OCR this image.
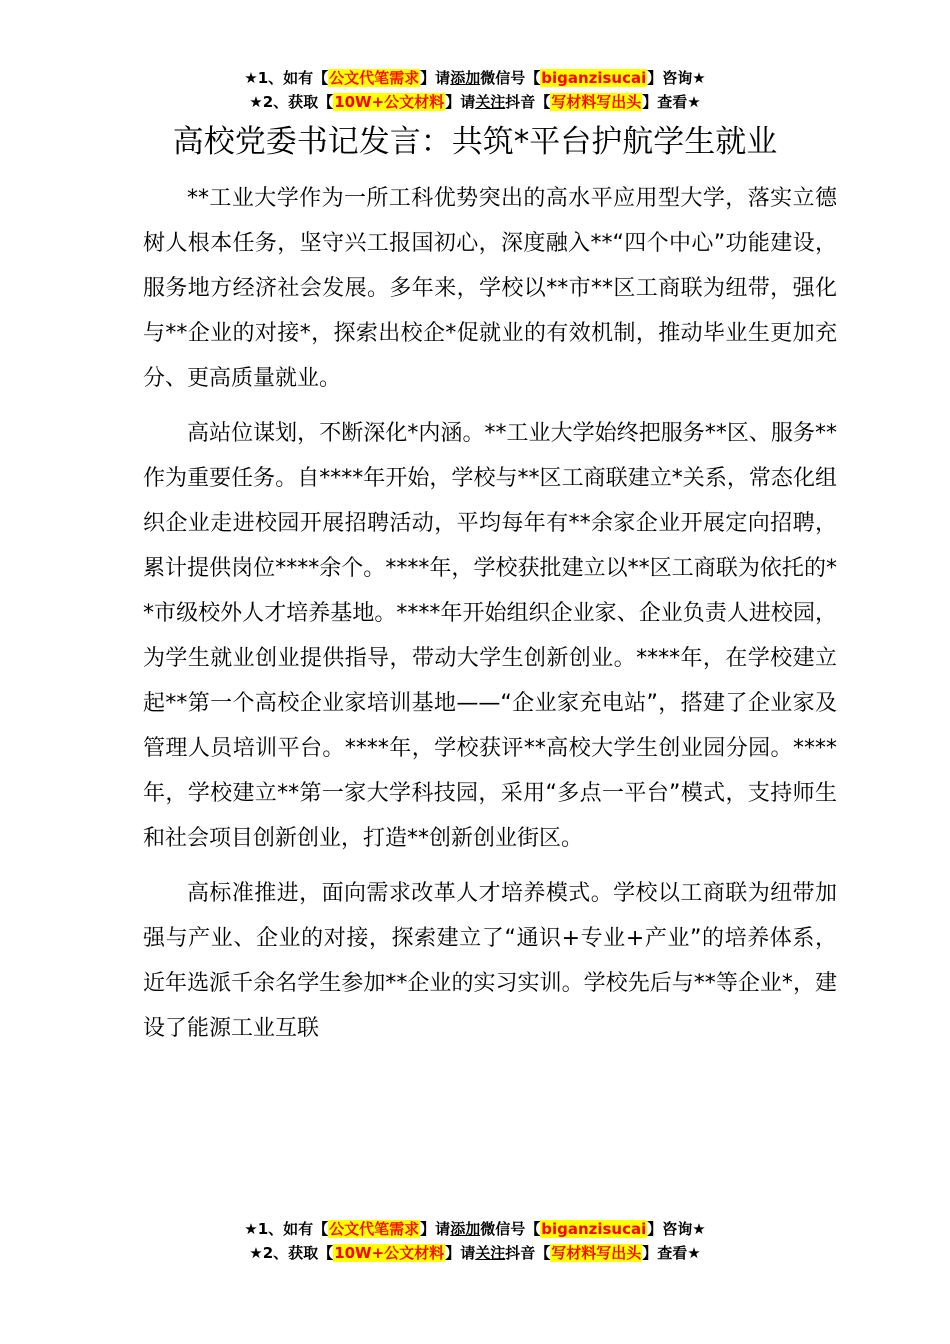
★1、如有【公文代笔需求】请添加微信号【biganzisucai】咨询★
★2、获取【10W+公文材料】请关注抖音【写材料写出头】查看★
高校党委书记发言：共筑*平台护航学生就业

**工业大学作为一所工科优势突出的高水平应用型大学，落实立德树人根本任务，坚守兴工报国初心，深度融入**“四个中心”功能建设，服务地方经济社会发展。多年来，学校以**市**区工商联为纽带，强化与**企业的对接*，探索出校企*促就业的有效机制，推动毕业生更加充分、更高质量就业。

高站位谋划，不断深化*内涵。**工业大学始终把服务**区、服务**作为重要任务。自****年开始，学校与**区工商联建立*关系，常态化组织企业走进校园开展招聘活动，平均每年有**余家企业开展定向招聘，累计提供岗位****余个。****年，学校获批建立以**区工商联为依托的**市级校外人才培养基地。****年开始组织企业家、企业负责人进校园，为学生就业创业提供指导，带动大学生创新创业。****年，在学校建立起**第一个高校企业家培训基地——“企业家充电站”，搭建了企业家及管理人员培训平台。****年，学校获评**高校大学生创业园分园。****年，学校建立**第一家大学科技园，采用“多点一平台”模式，支持师生和社会项目创新创业，打造**创新创业街区。

高标准推进，面向需求改革人才培养模式。学校以工商联为纽带加强与产业、企业的对接，探索建立了“通识+专业+产业”的培养体系，近年选派千余名学生参加**企业的实习实训。学校先后与**等企业*，建设了能源工业互联

★1、如有【公文代笔需求】请添加微信号【biganzisucai】咨询★
★2、获取【10W+公文材料】请关注抖音【写材料写出头】查看★
